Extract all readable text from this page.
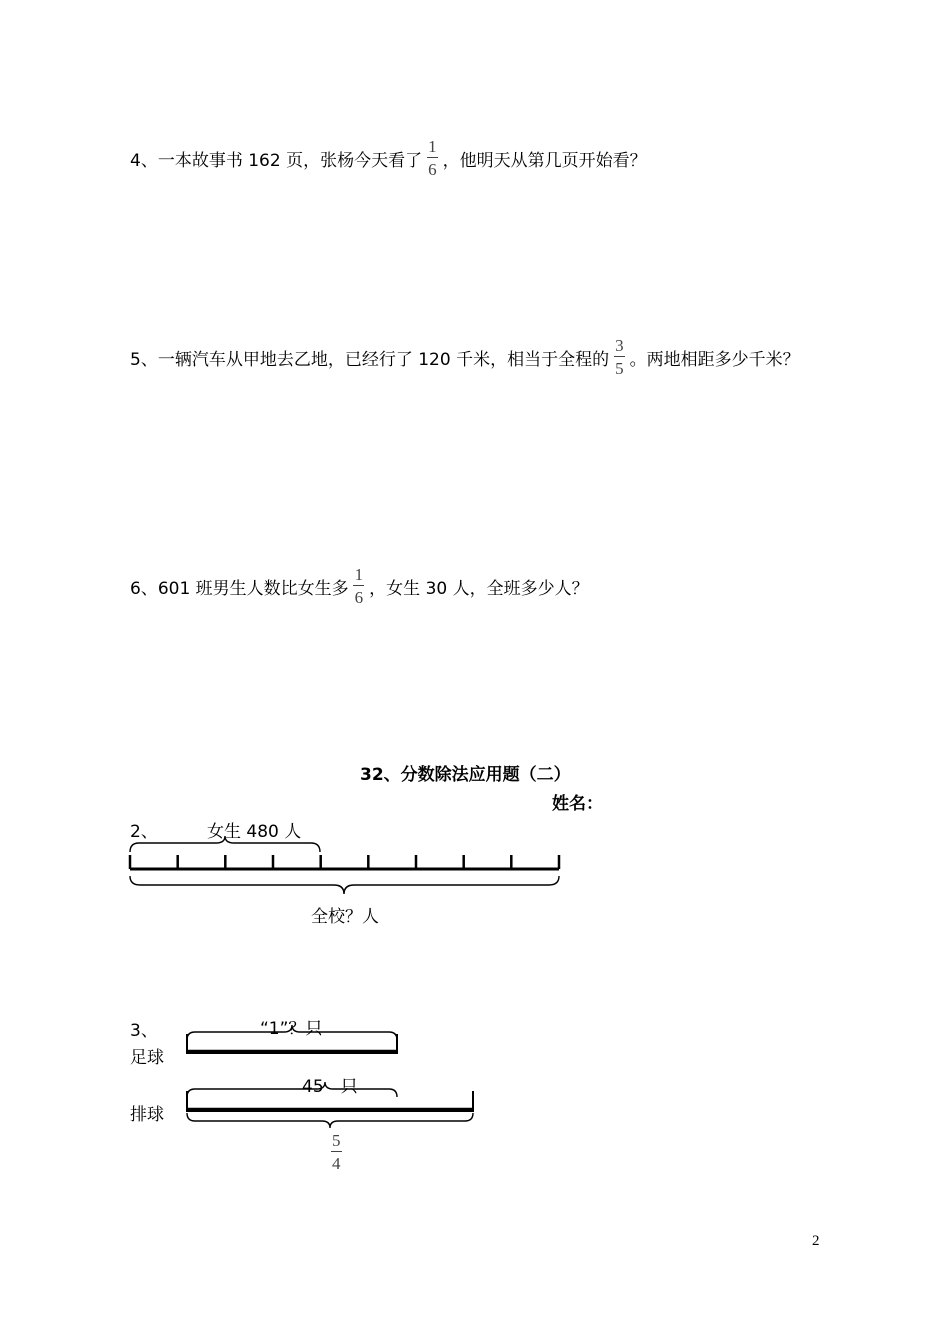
4、一本故事书 162 页，张杨今天看了 $\frac{1}{6}$ ，他明天从第几页开始看？
5、一辆汽车从甲地去乙地，已经行了 120 千米，相当于全程的 $\frac{3}{5}$ 。两地相距多少千米？
6、601 班男生人数比女生多 $\frac{1}{6}$ ，女生 30 人，全班多少人？
32、分数除法应用题（二）
姓名：
2、	女生 480 人
全校？人
3、	“1”？只
足球
45　只
排球
$\frac{5}{4}$
2
